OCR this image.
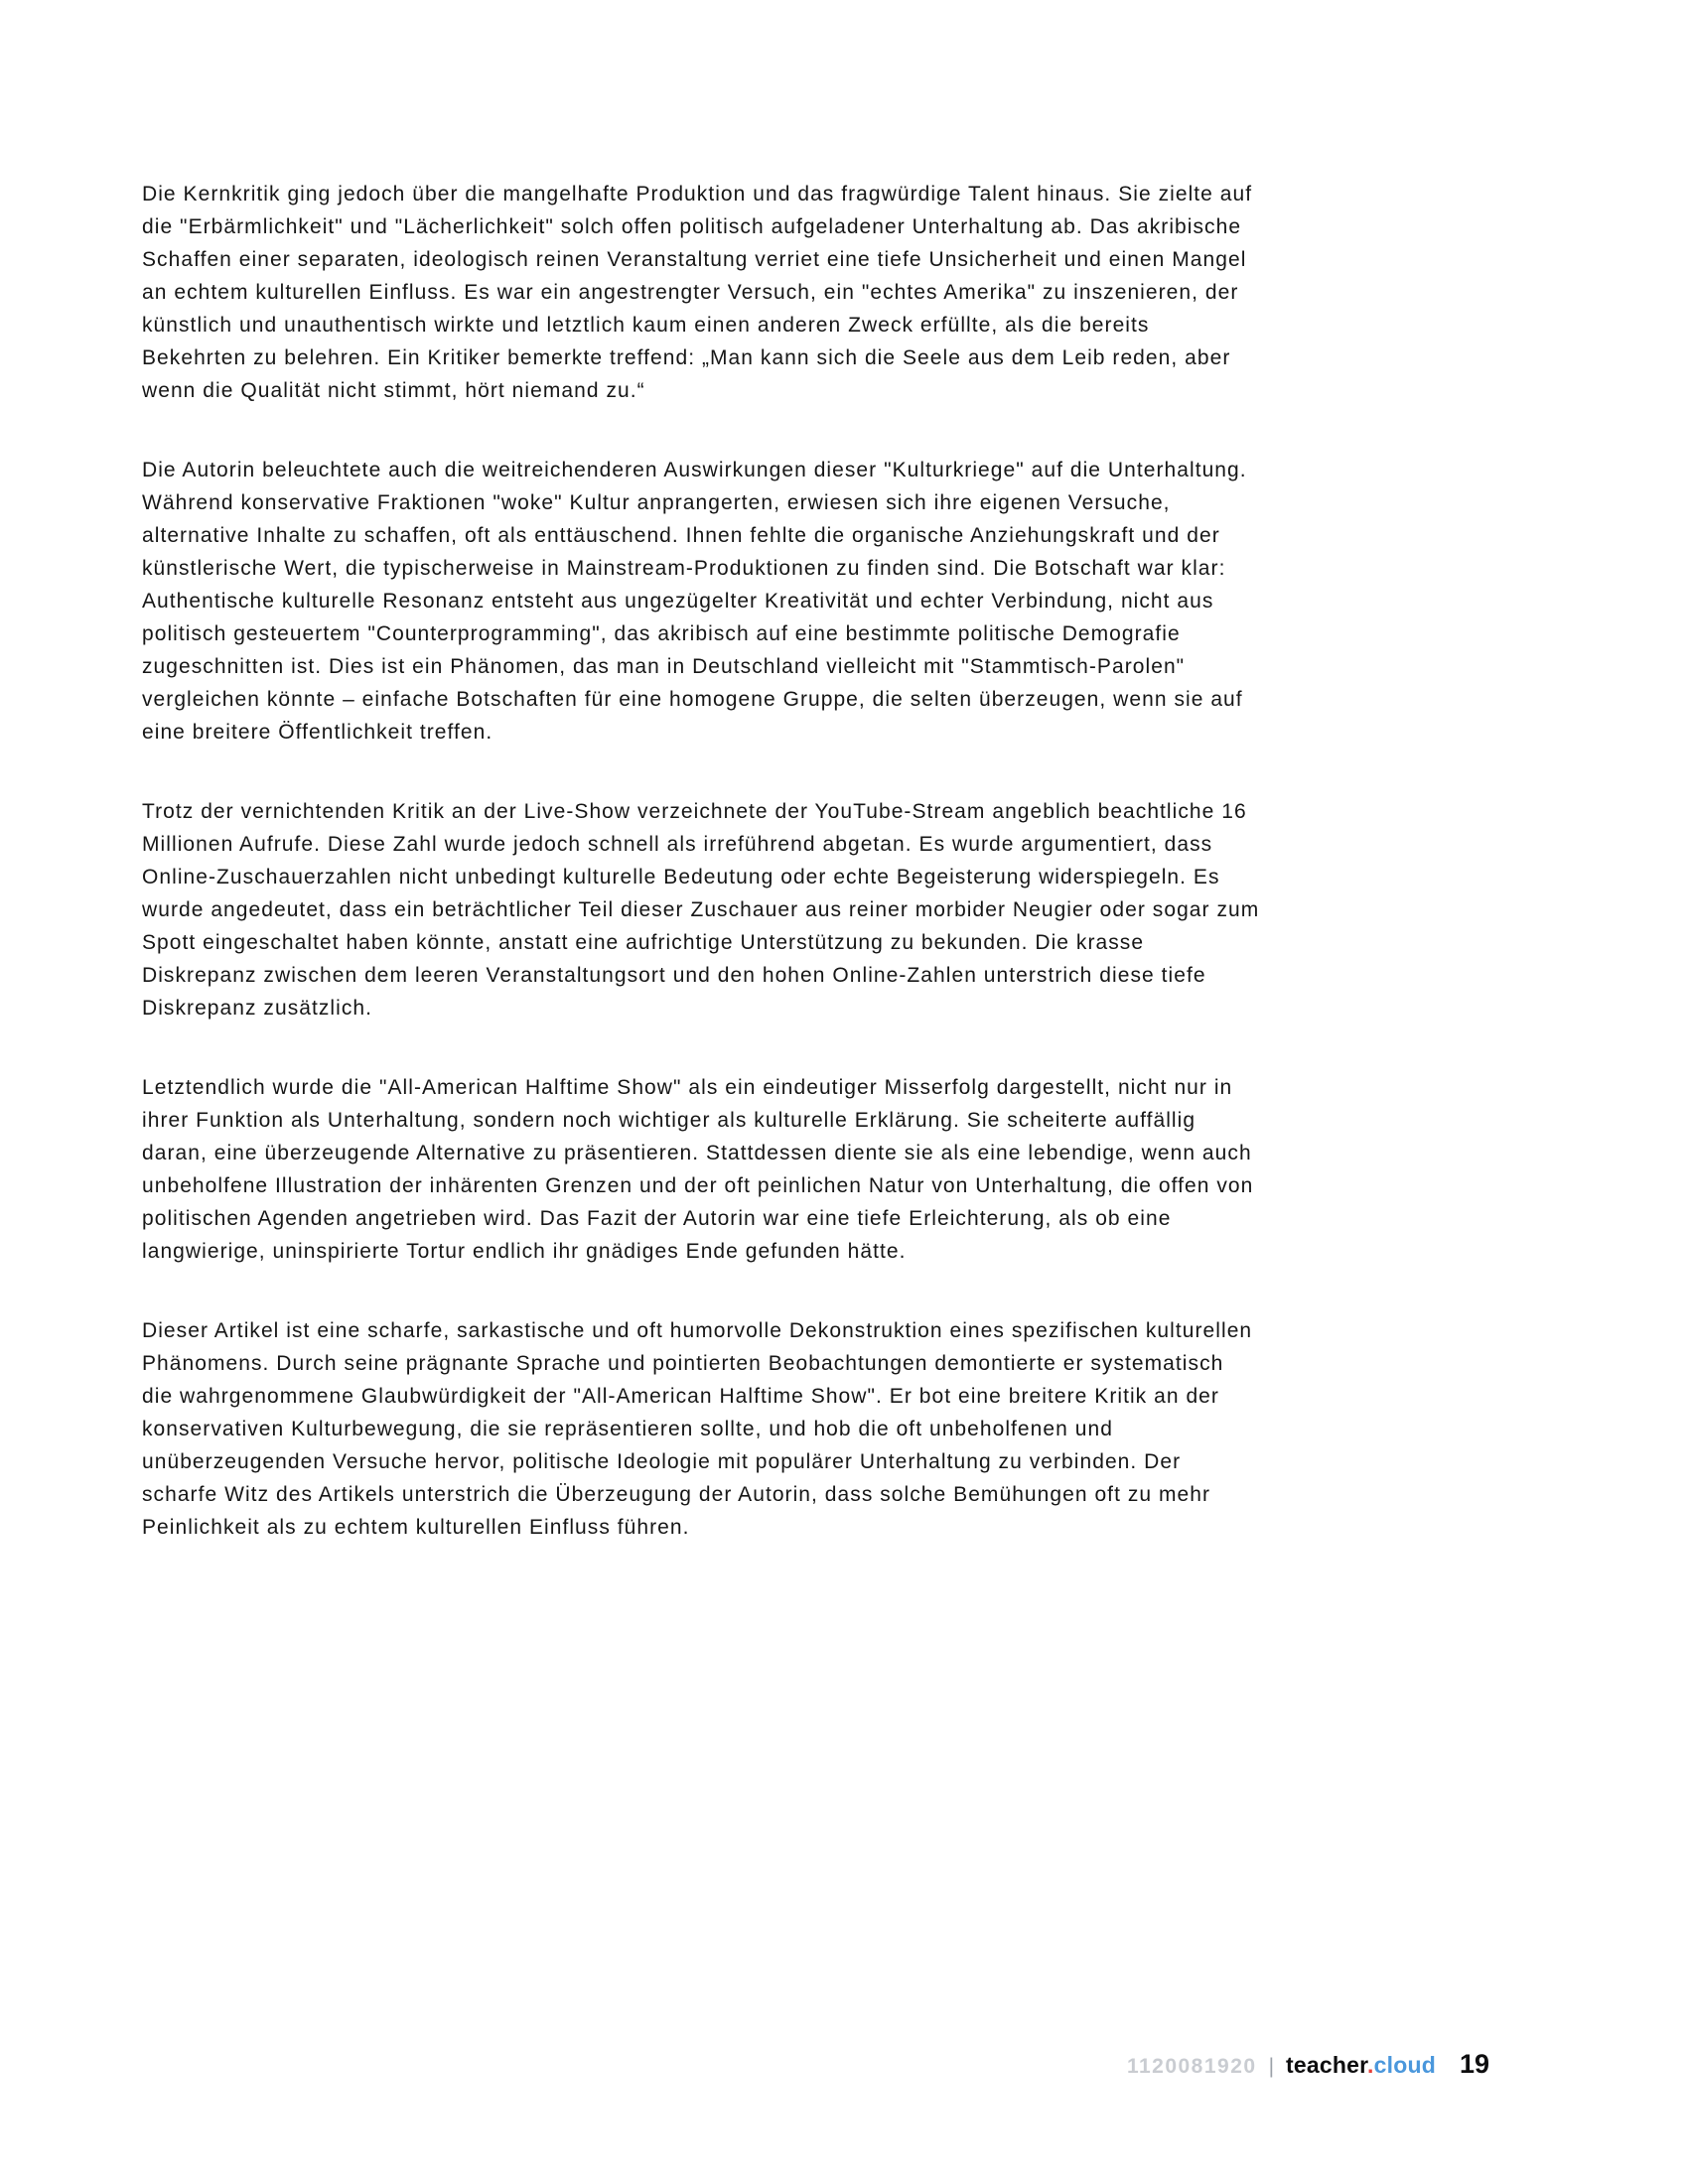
Die Kernkritik ging jedoch über die mangelhafte Produktion und das fragwürdige Talent hinaus. Sie zielte auf
die "Erbärmlichkeit" und "Lächerlichkeit" solch offen politisch aufgeladener Unterhaltung ab. Das akribische
Schaffen einer separaten, ideologisch reinen Veranstaltung verriet eine tiefe Unsicherheit und einen Mangel
an echtem kulturellen Einfluss. Es war ein angestrengter Versuch, ein "echtes Amerika" zu inszenieren, der
künstlich und unauthentisch wirkte und letztlich kaum einen anderen Zweck erfüllte, als die bereits
Bekehrten zu belehren. Ein Kritiker bemerkte treffend: „Man kann sich die Seele aus dem Leib reden, aber
wenn die Qualität nicht stimmt, hört niemand zu.“

Die Autorin beleuchtete auch die weitreichenderen Auswirkungen dieser "Kulturkriege" auf die Unterhaltung.
Während konservative Fraktionen "woke" Kultur anprangerten, erwiesen sich ihre eigenen Versuche,
alternative Inhalte zu schaffen, oft als enttäuschend. Ihnen fehlte die organische Anziehungskraft und der
künstlerische Wert, die typischerweise in Mainstream-Produktionen zu finden sind. Die Botschaft war klar:
Authentische kulturelle Resonanz entsteht aus ungezügelter Kreativität und echter Verbindung, nicht aus
politisch gesteuertem "Counterprogramming", das akribisch auf eine bestimmte politische Demografie
zugeschnitten ist. Dies ist ein Phänomen, das man in Deutschland vielleicht mit "Stammtisch-Parolen"
vergleichen könnte – einfache Botschaften für eine homogene Gruppe, die selten überzeugen, wenn sie auf
eine breitere Öffentlichkeit treffen.

Trotz der vernichtenden Kritik an der Live-Show verzeichnete der YouTube-Stream angeblich beachtliche 16
Millionen Aufrufe. Diese Zahl wurde jedoch schnell als irreführend abgetan. Es wurde argumentiert, dass
Online-Zuschauerzahlen nicht unbedingt kulturelle Bedeutung oder echte Begeisterung widerspiegeln. Es
wurde angedeutet, dass ein beträchtlicher Teil dieser Zuschauer aus reiner morbider Neugier oder sogar zum
Spott eingeschaltet haben könnte, anstatt eine aufrichtige Unterstützung zu bekunden. Die krasse
Diskrepanz zwischen dem leeren Veranstaltungsort und den hohen Online-Zahlen unterstrich diese tiefe
Diskrepanz zusätzlich.

Letztendlich wurde die "All-American Halftime Show" als ein eindeutiger Misserfolg dargestellt, nicht nur in
ihrer Funktion als Unterhaltung, sondern noch wichtiger als kulturelle Erklärung. Sie scheiterte auffällig
daran, eine überzeugende Alternative zu präsentieren. Stattdessen diente sie als eine lebendige, wenn auch
unbeholfene Illustration der inhärenten Grenzen und der oft peinlichen Natur von Unterhaltung, die offen von
politischen Agenden angetrieben wird. Das Fazit der Autorin war eine tiefe Erleichterung, als ob eine
langwierige, uninspirierte Tortur endlich ihr gnädiges Ende gefunden hätte.

Dieser Artikel ist eine scharfe, sarkastische und oft humorvolle Dekonstruktion eines spezifischen kulturellen
Phänomens. Durch seine prägnante Sprache und pointierten Beobachtungen demontierte er systematisch
die wahrgenommene Glaubwürdigkeit der "All-American Halftime Show". Er bot eine breitere Kritik an der
konservativen Kulturbewegung, die sie repräsentieren sollte, und hob die oft unbeholfenen und
unüberzeugenden Versuche hervor, politische Ideologie mit populärer Unterhaltung zu verbinden. Der
scharfe Witz des Artikels unterstrich die Überzeugung der Autorin, dass solche Bemühungen oft zu mehr
Peinlichkeit als zu echtem kulturellen Einfluss führen.

1120081920 | teacher.cloud 19
